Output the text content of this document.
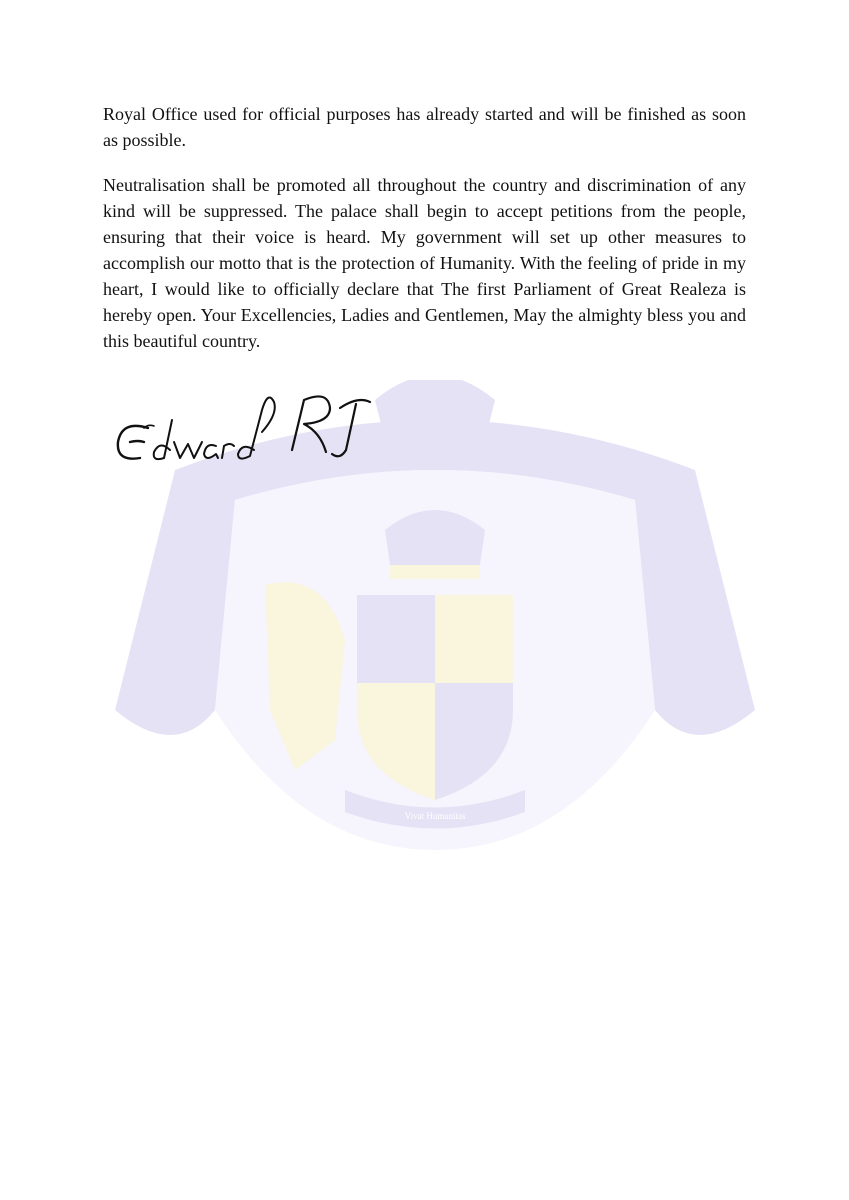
Vivat Humanitas

Royal Office used for official purposes has already started and will be finished as soon as possible.

Neutralisation shall be promoted all throughout the country and discrimination of any kind will be suppressed. The palace shall begin to accept petitions from the people, ensuring that their voice is heard. My government will set up other measures to accomplish our motto that is the protection of Humanity. With the feeling of pride in my heart, I would like to officially declare that The first Parliament of Great Realeza is hereby open. Your Excellencies, Ladies and Gentlemen, May the almighty bless you and this beautiful country.
